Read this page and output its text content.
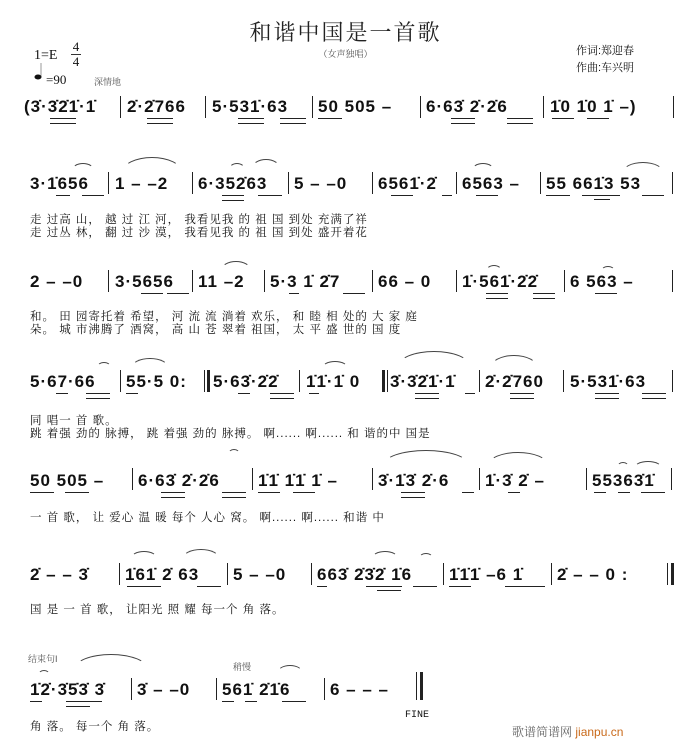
和谐中国是一首歌
（女声独唱）
1=E
4
4
=90	深情地
作词:郑迎春
作曲:车兴明
(3̇·3̇2̇1̇·1̇ 2̇·2̇766 5·531̇·63 50 505 – 6·63̇ 2̇·2̇6 1̇0 1̇0 1̇ –)
3·1̇656 1 – –2 6·352̇63 5 – –0 6561̇·2̇ 6563 – 55 661̇3 53
走 过高 山， 越 过 江 河， 我看见我 的 祖 国 到处 充满了祥
走 过丛 林， 翻 过 沙 漠， 我看见我 的 祖 国 到处 盛开着花
2 – –0 3·5656 11 –2 5·3 1̇ 2̇7 66 – 0 1̇·561̇·2̇2̇ 6 563 –
和。 田 园寄托着 希望， 河 流 流 淌着 欢乐， 和 睦 相 处的 大 家 庭
朵。 城 市沸腾了 酒窝， 高 山 苍 翠着 祖国， 太 平 盛 世的 国 度
5·67·66 55·5 0: 5·63̇·2̇2̇ 1̇1̇·1̇ 0 3̇·3̇2̇1̇·1̇ 2̇·2̇760 5·531̇·63
同 唱一 首 歌。
跳 着强 劲的 脉搏， 跳 着强 劲的 脉搏。 啊...... 啊...... 和 谐的中 国是
50 505 – 6·63̇ 2̇·2̇6 1̇1̇ 1̇1̇ 1̇ – 3̇·1̇3̇ 2̇·6 1̇·3̇ 2̇ –	55363̇1̇
一 首 歌， 让 爱心 温 暖 每个 人心 窝。 啊...... 啊...... 和谐 中
2̇ – – 3̇ 1̇61̇ 2̇ 63 5 – –0 663̇ 2̇3̇2̇ 1̇6 1̇1̇1̇ –6 1̇ 2̇ – – 0 :
国 是 一 首 歌， 让阳光 照 耀 每一个 角 落。
结束句I
稍慢
1̇2̇·3̇5̇3̇ 3̇ 3̇ – –0 561̇ 2̇1̇6 6 – – –
FINE
角 落。 每一个 角 落。	歌谱简谱网 jianpu.cn
